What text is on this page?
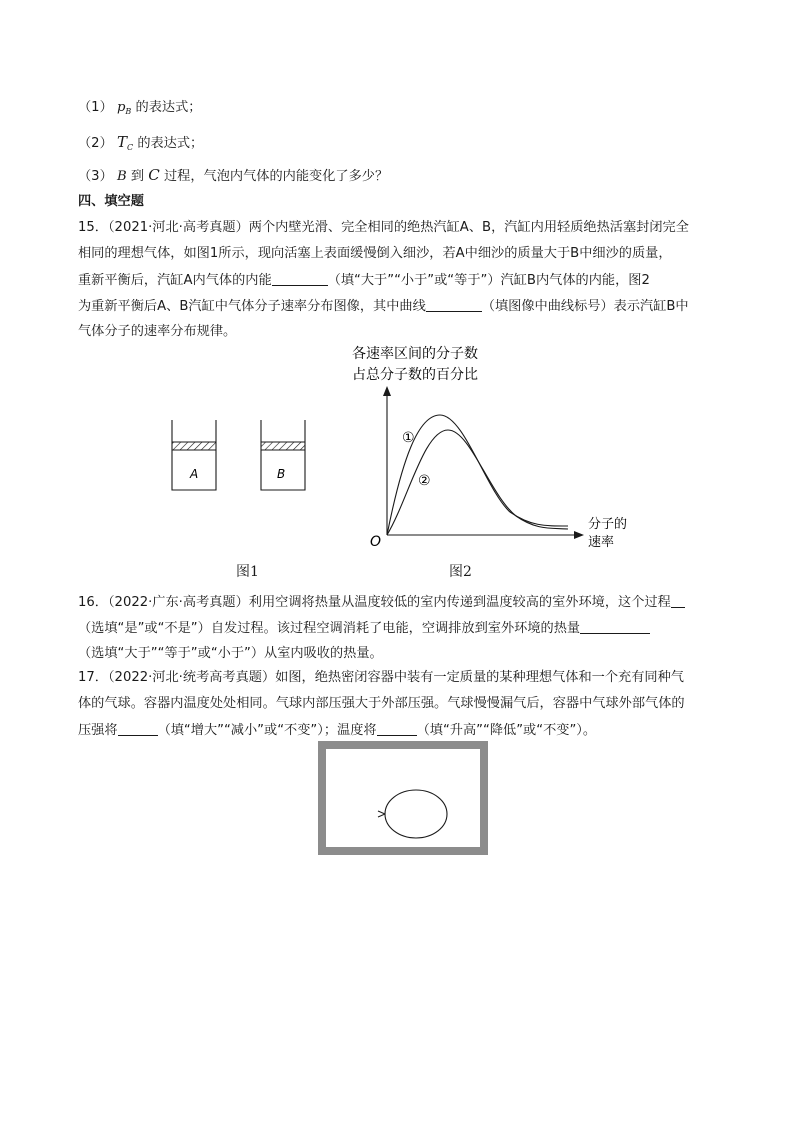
（1） $p_B$ 的表达式；
（2） $T_C$ 的表达式；
（3） B 到 C 过程，气泡内气体的内能变化了多少？
四、填空题
15．（2021·河北·高考真题）两个内壁光滑、完全相同的绝热汽缸A、B，汽缸内用轻质绝热活塞封闭完全
相同的理想气体，如图1所示，现向活塞上表面缓慢倒入细沙，若A中细沙的质量大于B中细沙的质量，
重新平衡后，汽缸A内气体的内能	（填“大于”“小于”或“等于”）汽缸B内气体的内能，图2
为重新平衡后A、B汽缸中气体分子速率分布图像，其中曲线	（填图像中曲线标号）表示汽缸B中
气体分子的速率分布规律。
A	B
各速率区间的分子数
占总分子数的百分比
①
②
O
分子的
速率
图1	图2
16．（2022·广东·高考真题）利用空调将热量从温度较低的室内传递到温度较高的室外环境，这个过程
（选填“是”或“不是”）自发过程。该过程空调消耗了电能，空调排放到室外环境的热量
（选填“大于”“等于”或“小于”）从室内吸收的热量。
17．（2022·河北·统考高考真题）如图，绝热密闭容器中装有一定质量的某种理想气体和一个充有同种气
体的气球。容器内温度处处相同。气球内部压强大于外部压强。气球慢慢漏气后，容器中气球外部气体的
压强将	（填“增大”“减小”或“不变”）；温度将	（填“升高”“降低”或“不变”）。
